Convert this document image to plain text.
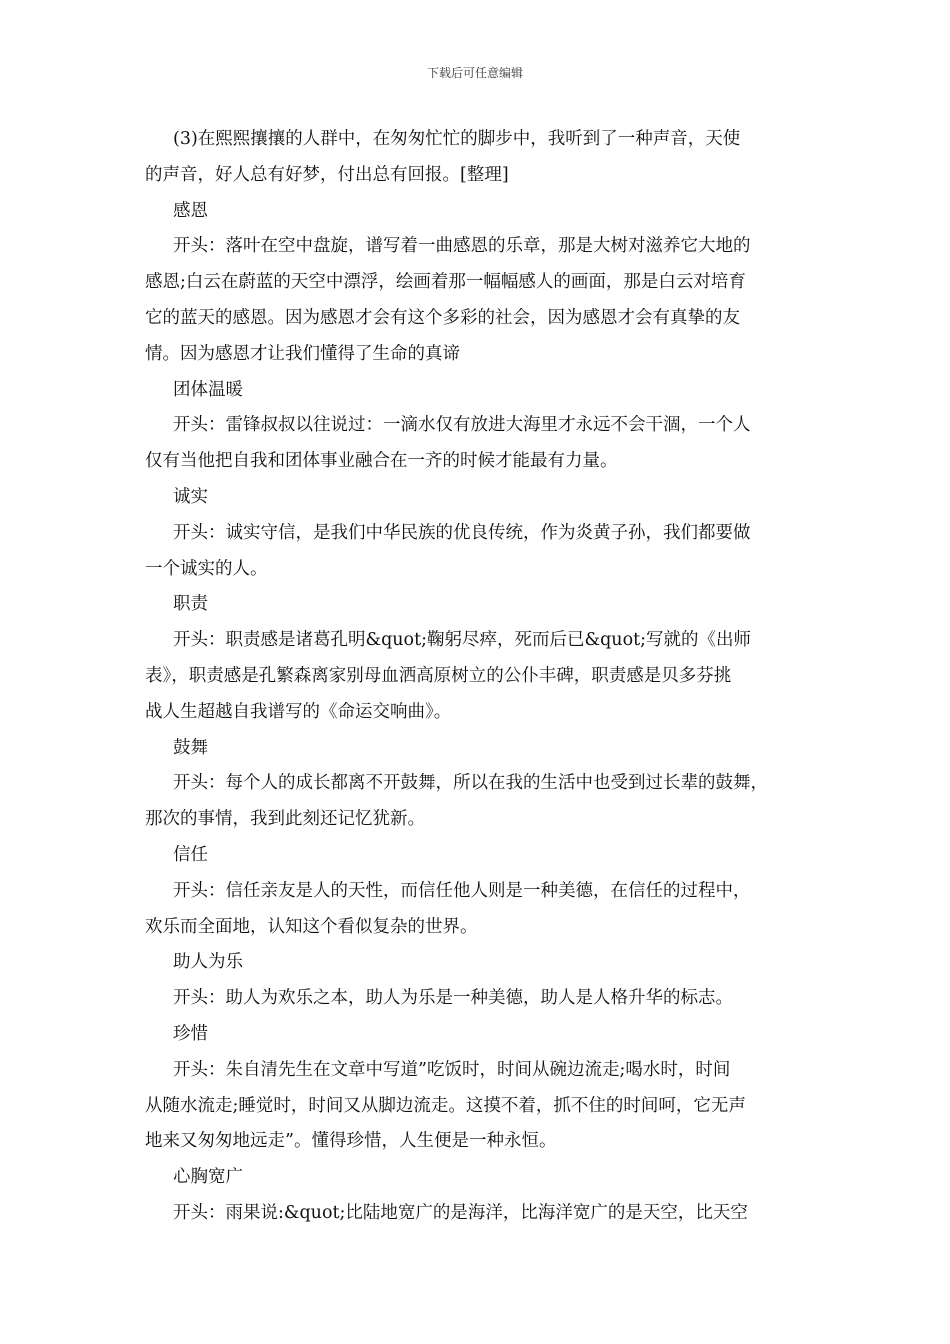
下载后可任意编辑
(3)在熙熙攘攘的人群中，在匆匆忙忙的脚步中，我听到了一种声音，天使
的声音，好人总有好梦，付出总有回报。[整理]
感恩
开头：落叶在空中盘旋，谱写着一曲感恩的乐章，那是大树对滋养它大地的
感恩;白云在蔚蓝的天空中漂浮，绘画着那一幅幅感人的画面，那是白云对培育
它的蓝天的感恩。因为感恩才会有这个多彩的社会，因为感恩才会有真挚的友
情。因为感恩才让我们懂得了生命的真谛
团体温暖
开头：雷锋叔叔以往说过：一滴水仅有放进大海里才永远不会干涸，一个人
仅有当他把自我和团体事业融合在一齐的时候才能最有力量。
诚实
开头：诚实守信，是我们中华民族的优良传统，作为炎黄子孙，我们都要做
一个诚实的人。
职责
开头：职责感是诸葛孔明&quot;鞠躬尽瘁，死而后已&quot;写就的《出师
表》，职责感是孔繁森离家别母血洒高原树立的公仆丰碑，职责感是贝多芬挑
战人生超越自我谱写的《命运交响曲》。
鼓舞
开头：每个人的成长都离不开鼓舞，所以在我的生活中也受到过长辈的鼓舞，
那次的事情，我到此刻还记忆犹新。
信任
开头：信任亲友是人的天性，而信任他人则是一种美德，在信任的过程中，
欢乐而全面地，认知这个看似复杂的世界。
助人为乐
开头：助人为欢乐之本，助人为乐是一种美德，助人是人格升华的标志。
珍惜
开头：朱自清先生在文章中写道”吃饭时，时间从碗边流走;喝水时，时间
从随水流走;睡觉时，时间又从脚边流走。这摸不着，抓不住的时间呵，它无声
地来又匆匆地远走”。懂得珍惜，人生便是一种永恒。
心胸宽广
开头：雨果说:&quot;比陆地宽广的是海洋，比海洋宽广的是天空，比天空
